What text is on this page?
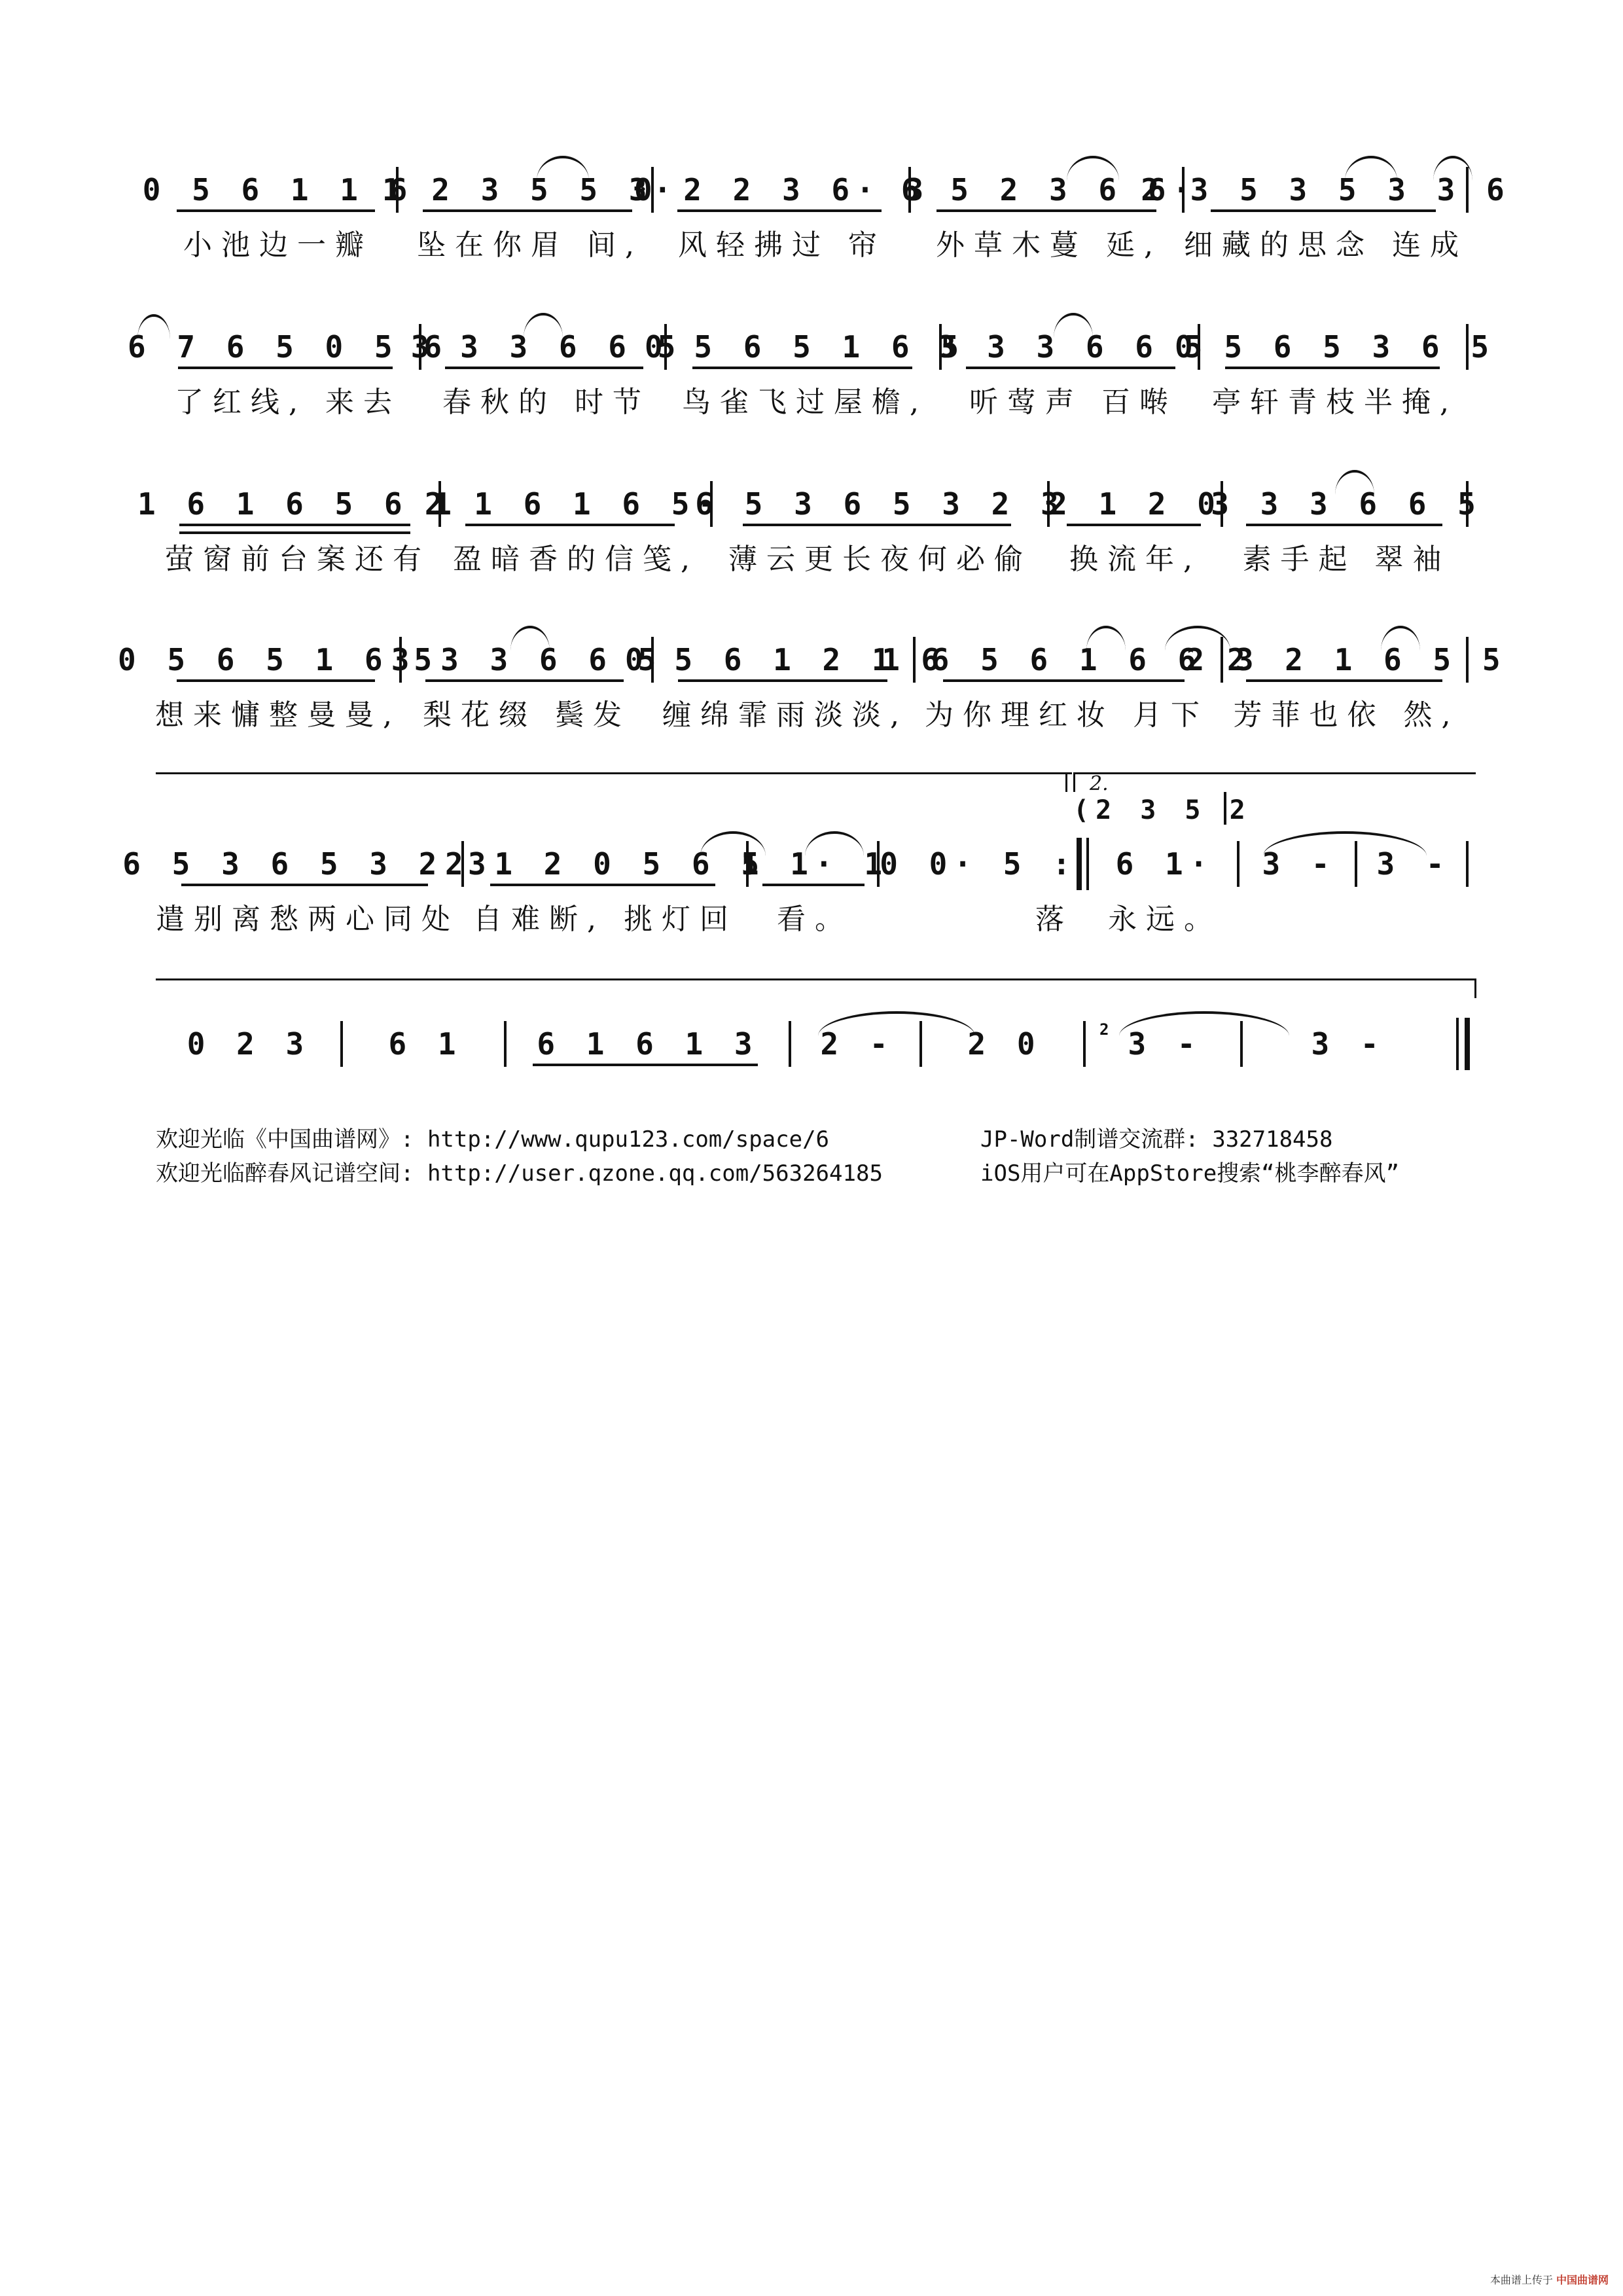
0 5 6 1 1 6
1 2 3 5 5 3·
0 2 2 3 6· 3
6 5 2 3 6 6·
2 3 5 3 5 3 3 6
小池边一瓣	坠在你眉 间,	风轻拂过 帘	外草木蔓 延, 细藏的思念 连成
6 7 6 5 0 5 6
3 3 3 6 6 5
0 5 6 5 1 6 5
3 3 3 6 6 5
0 5 6 5 3 6 5
了红线, 来去	春秋的 时节	鸟雀飞过屋檐,	听莺声 百啭	亭轩青枝半掩,
1 6 1 6 5 6 1
2 1 6 1 6 5·
6 5 3 6 5 3 2 3
2 1 2 0
3 3 3 6 6 5
萤窗前台案还有 盈暗香的信笺,	薄云更长夜何必偷	换流年,	素手起 翠袖
0 5 6 5 1 6 5
3 3 3 6 6 5
0 5 6 1 2 1 6
1 6 5 6 1 6 6 2
2 3 2 1 6 5 5
想来慵整曼曼, 梨花缀 鬓发	缠绵霏雨淡淡, 为你理红妆 月下 芳菲也依 然,
2.
(2 3 5 2
6 5 3 6 5 3 2 3
2 1 2 0 5 6 5
1 1· 1
0 0· 5 : 6 1· 3 - 3 -
遣别离愁两心同处 自难断, 挑灯回	看。	落	永远。
0 2 3	6 1 6 1 6 1 3 2 - 2 0	2 3 -	3 -
欢迎光临《中国曲谱网》: http://www.qupu123.com/space/6	JP-Word制谱交流群: 332718458
欢迎光临醉春风记谱空间: http://user.qzone.qq.com/563264185	iOS用户可在AppStore搜索“桃李醉春风”
本曲谱上传于 中国曲谱网
